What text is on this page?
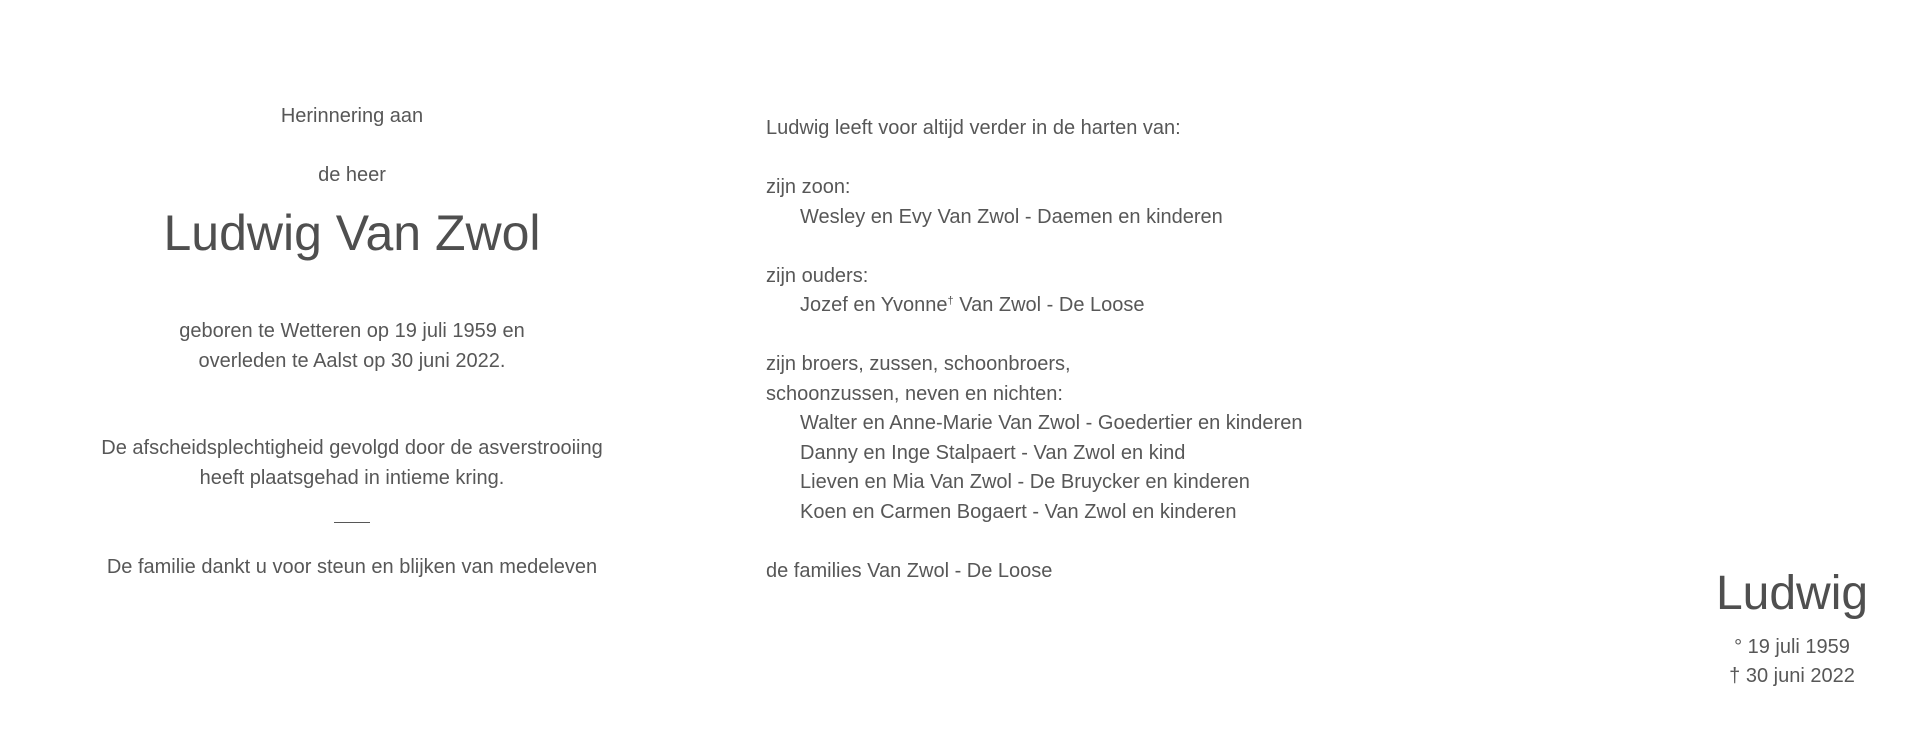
Herinnering aan
de heer
Ludwig Van Zwol
geboren te Wetteren op 19 juli 1959 en
overleden te Aalst op 30 juni 2022.
De afscheidsplechtigheid gevolgd door de asverstrooiing
heeft plaatsgehad in intieme kring.
De familie dankt u voor steun en blijken van medeleven
Ludwig leeft voor altijd verder in de harten van:
zijn zoon:
Wesley en Evy Van Zwol - Daemen en kinderen
zijn ouders:
Jozef en Yvonne† Van Zwol - De Loose
zijn broers, zussen, schoonbroers,
schoonzussen, neven en nichten:
Walter en Anne-Marie Van Zwol - Goedertier en kinderen
Danny en Inge Stalpaert - Van Zwol en kind
Lieven en Mia Van Zwol - De Bruycker en kinderen
Koen en Carmen Bogaert - Van Zwol en kinderen
de families Van Zwol - De Loose	Ludwig
° 19 juli 1959
† 30 juni 2022
